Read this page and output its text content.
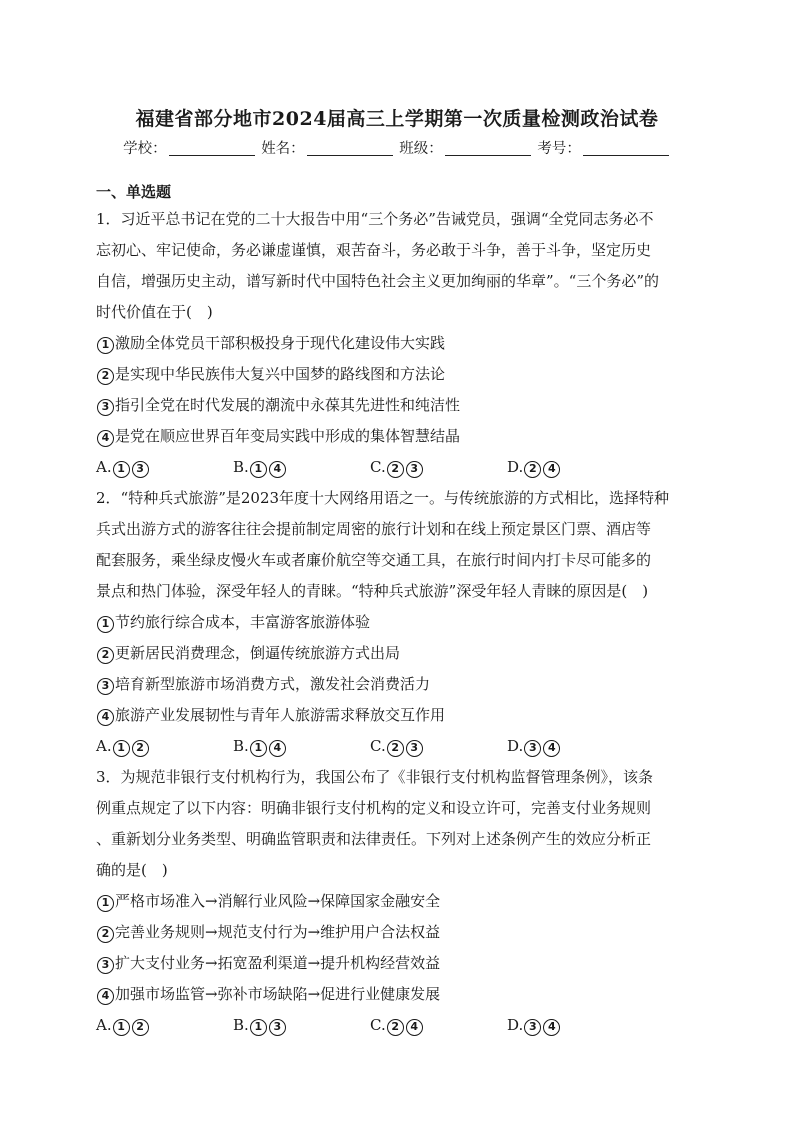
福建省部分地市2024届高三上学期第一次质量检测政治试卷
学校：	姓名：	班级：	考号：
一、单选题
1．习近平总书记在党的二十大报告中用“三个务必”告诫党员，强调“全党同志务必不
忘初心、牢记使命，务必谦虚谨慎，艰苦奋斗，务必敢于斗争，善于斗争，坚定历史
自信，增强历史主动，谱写新时代中国特色社会主义更加绚丽的华章”。“三个务必”的
时代价值在于(　)
1 激励全体党员干部积极投身于现代化建设伟大实践
2 是实现中华民族伟大复兴中国梦的路线图和方法论
3 指引全党在时代发展的潮流中永葆其先进性和纯洁性
4 是党在顺应世界百年变局实践中形成的集体智慧结晶
A. 1 3	B. 1 4	C. 2 3	D. 2 4
2．“特种兵式旅游”是2023年度十大网络用语之一。与传统旅游的方式相比，选择特种
兵式出游方式的游客往往会提前制定周密的旅行计划和在线上预定景区门票、酒店等
配套服务，乘坐绿皮慢火车或者廉价航空等交通工具，在旅行时间内打卡尽可能多的
景点和热门体验，深受年轻人的青睐。“特种兵式旅游”深受年轻人青睐的原因是(　)
1 节约旅行综合成本，丰富游客旅游体验
2 更新居民消费理念，倒逼传统旅游方式出局
3 培育新型旅游市场消费方式，激发社会消费活力
4 旅游产业发展韧性与青年人旅游需求释放交互作用
A. 1 2	B. 1 4	C. 2 3	D. 3 4
3．为规范非银行支付机构行为，我国公布了《非银行支付机构监督管理条例》，该条
例重点规定了以下内容：明确非银行支付机构的定义和设立许可，完善支付业务规则
、重新划分业务类型、明确监管职责和法律责任。下列对上述条例产生的效应分析正
确的是(　)
1 严格市场准入→消解行业风险→保障国家金融安全
2 完善业务规则→规范支付行为→维护用户合法权益
3 扩大支付业务→拓宽盈利渠道→提升机构经营效益
4 加强市场监管→弥补市场缺陷→促进行业健康发展
A. 1 2	B. 1 3	C. 2 4	D. 3 4
